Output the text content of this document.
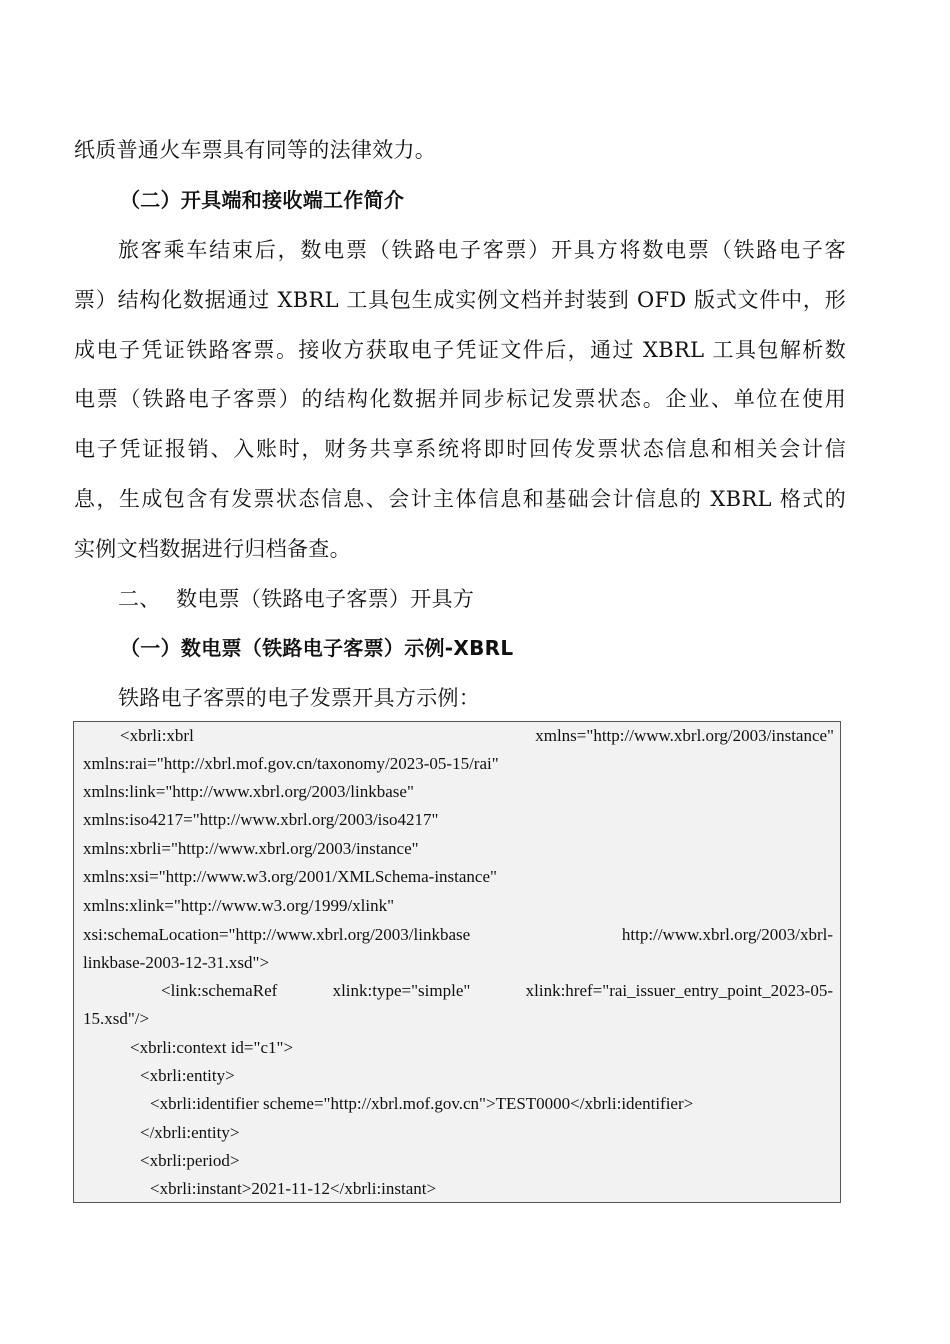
纸质普通火车票具有同等的法律效力。
（二）开具端和接收端工作简介
旅客乘车结束后，数电票（铁路电子客票）开具方将数电票（铁路电子客
票）结构化数据通过 XBRL 工具包生成实例文档并封装到 OFD 版式文件中，形
成电子凭证铁路客票。接收方获取电子凭证文件后，通过 XBRL 工具包解析数
电票（铁路电子客票）的结构化数据并同步标记发票状态。企业、单位在使用
电子凭证报销、入账时，财务共享系统将即时回传发票状态信息和相关会计信
息，生成包含有发票状态信息、会计主体信息和基础会计信息的 XBRL 格式的
实例文档数据进行归档备查。
二、 数电票（铁路电子客票）开具方
（一）数电票（铁路电子客票）示例-XBRL
铁路电子客票的电子发票开具方示例：
<xbrli:xbrl	xmlns="http://www.xbrl.org/2003/instance"
xmlns:rai="http://xbrl.mof.gov.cn/taxonomy/2023-05-15/rai"
xmlns:link="http://www.xbrl.org/2003/linkbase"
xmlns:iso4217="http://www.xbrl.org/2003/iso4217"
xmlns:xbrli="http://www.xbrl.org/2003/instance"
xmlns:xsi="http://www.w3.org/2001/XMLSchema-instance"
xmlns:xlink="http://www.w3.org/1999/xlink"
xsi:schemaLocation="http://www.xbrl.org/2003/linkbase	http://www.xbrl.org/2003/xbrl-
linkbase-2003-12-31.xsd">
<link:schemaRef	xlink:type="simple"	xlink:href="rai_issuer_entry_point_2023-05-
15.xsd"/>
<xbrli:context id="c1">
<xbrli:entity>
<xbrli:identifier scheme="http://xbrl.mof.gov.cn">TEST0000</xbrli:identifier>
</xbrli:entity>
<xbrli:period>
<xbrli:instant>2021-11-12</xbrli:instant>
